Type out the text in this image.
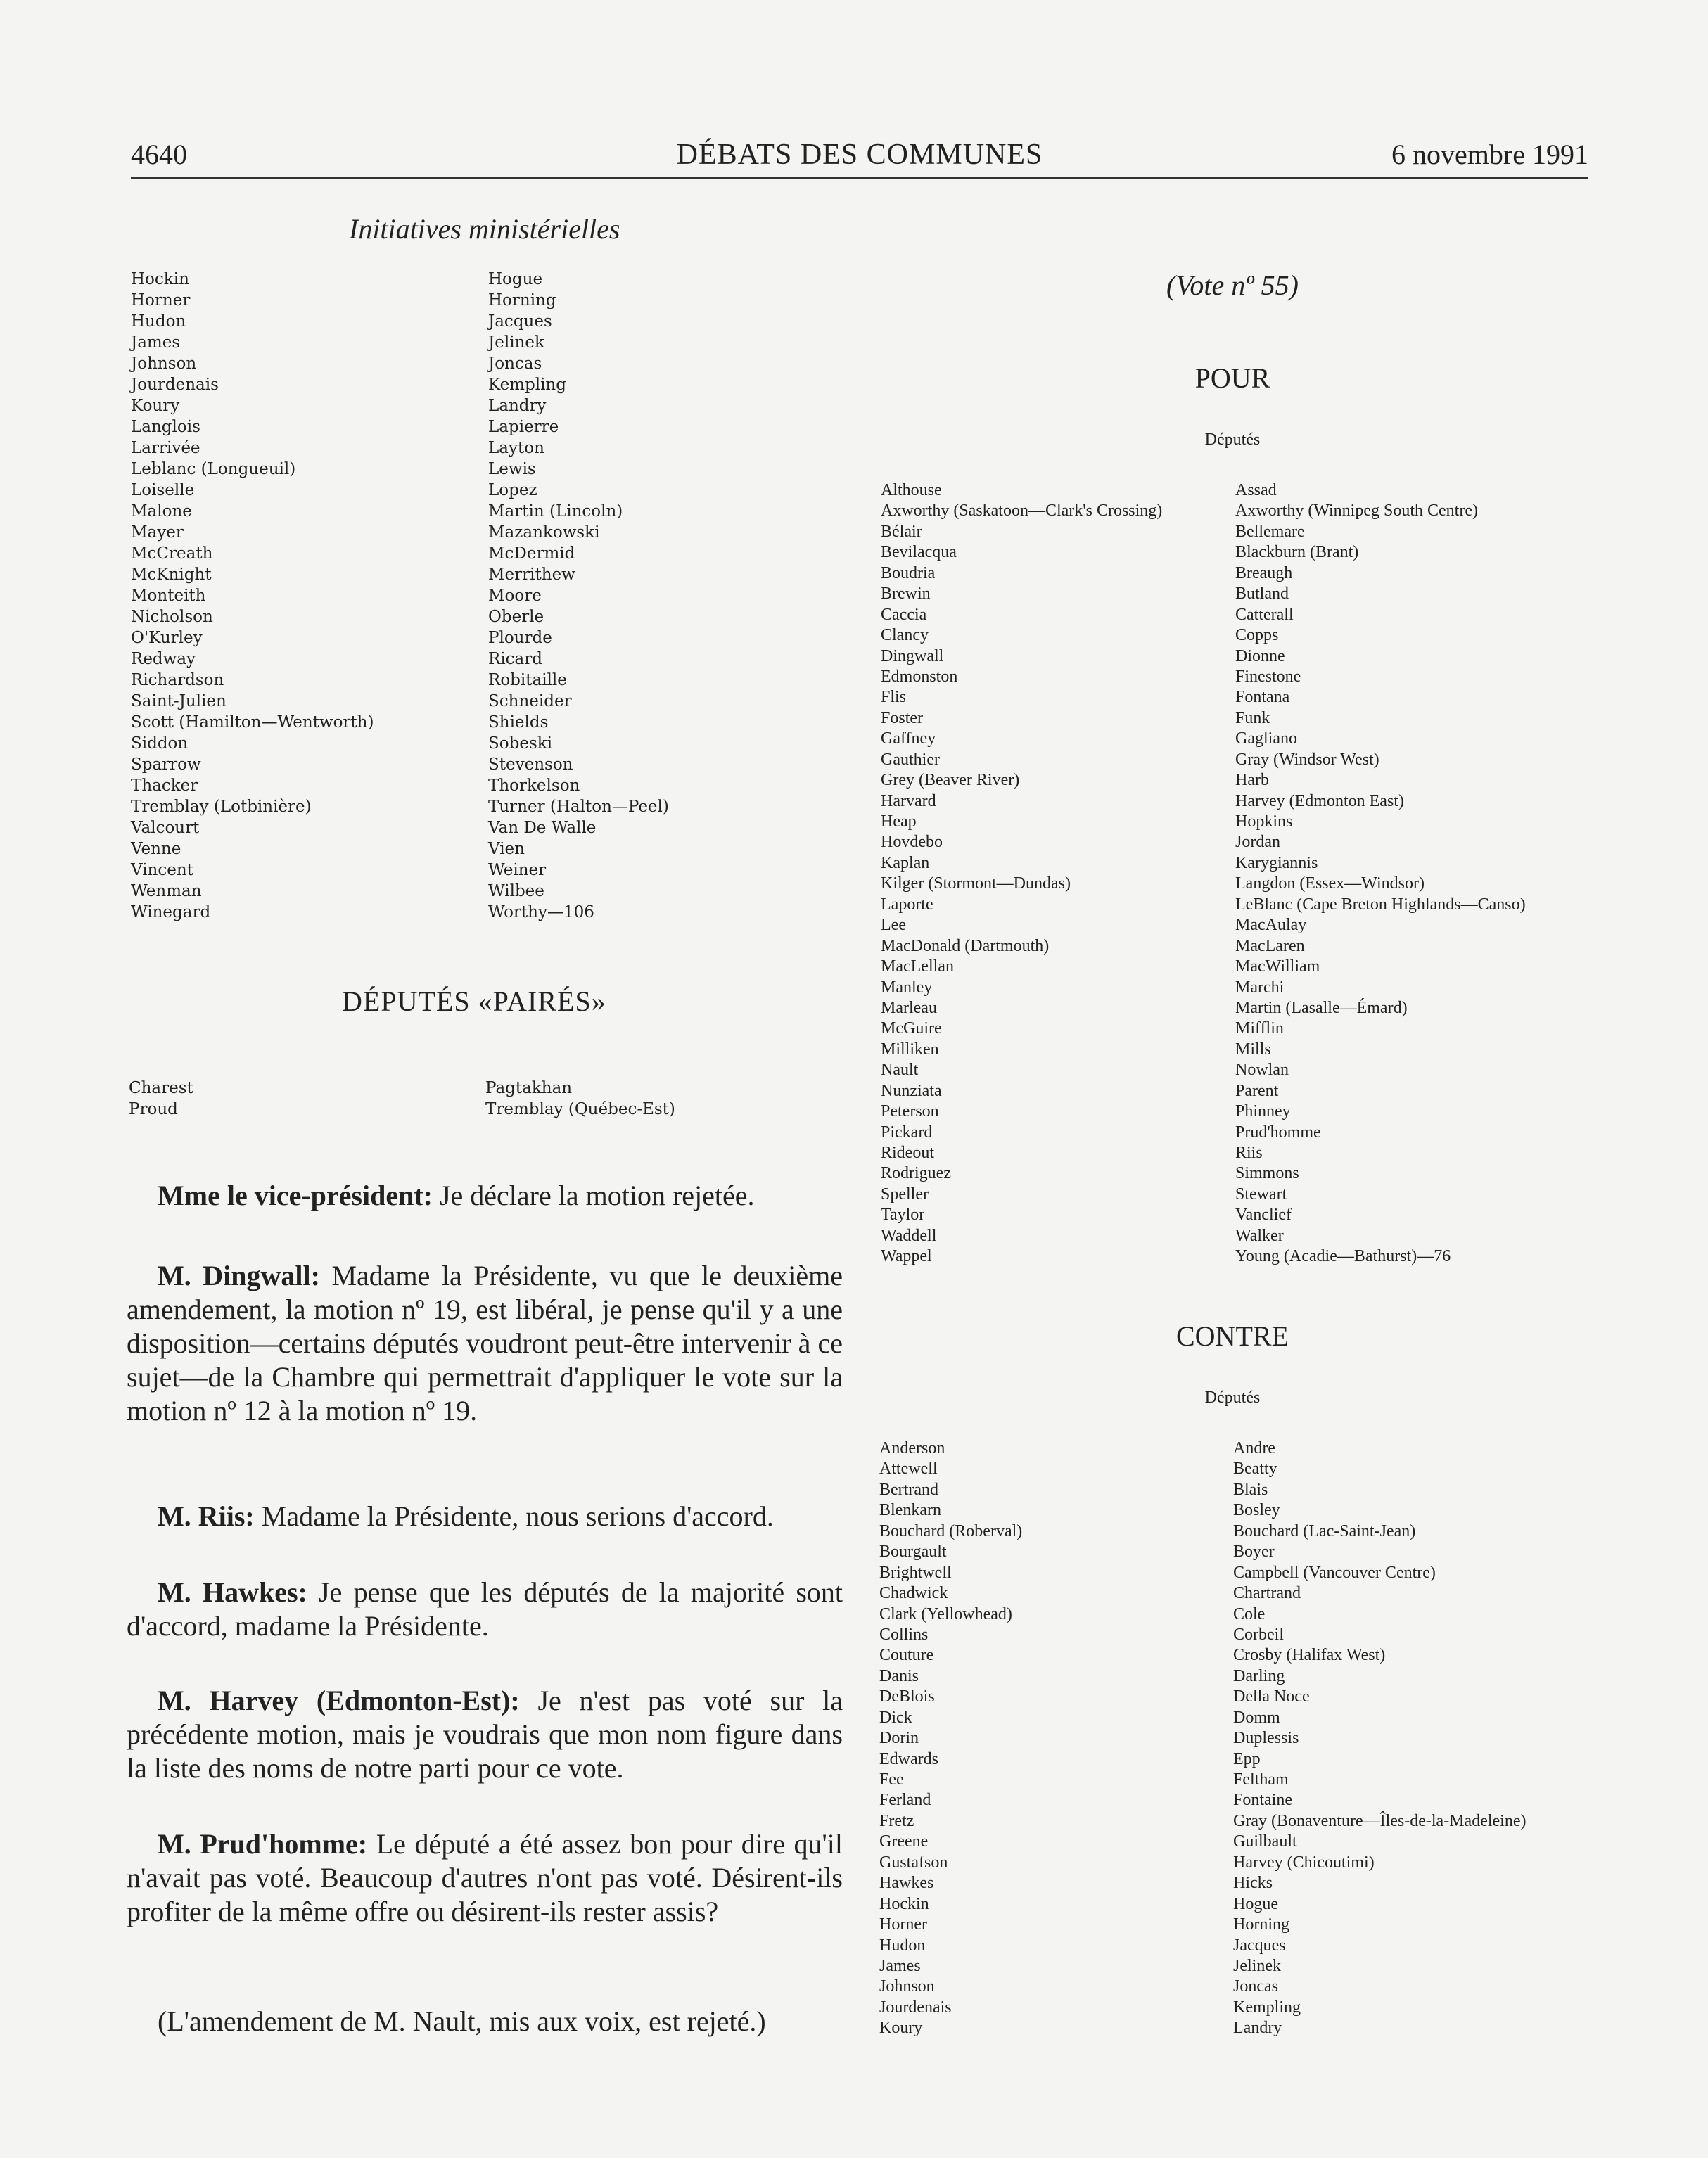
4640	DÉBATS DES COMMUNES	6 novembre 1991
Initiatives ministérielles
Hockin
Horner
Hudon
James
Johnson
Jourdenais
Koury
Langlois
Larrivée
Leblanc (Longueuil)
Loiselle
Malone
Mayer
McCreath
McKnight
Monteith
Nicholson
O'Kurley
Redway
Richardson
Saint-Julien
Scott (Hamilton—Wentworth)
Siddon
Sparrow
Thacker
Tremblay (Lotbinière)
Valcourt
Venne
Vincent
Wenman
Winegard
Hogue
Horning
Jacques
Jelinek
Joncas
Kempling
Landry
Lapierre
Layton
Lewis
Lopez
Martin (Lincoln)
Mazankowski
McDermid
Merrithew
Moore
Oberle
Plourde
Ricard
Robitaille
Schneider
Shields
Sobeski
Stevenson
Thorkelson
Turner (Halton—Peel)
Van De Walle
Vien
Weiner
Wilbee
Worthy—106
DÉPUTÉS «PAIRÉS»
Charest
Proud
Pagtakhan
Tremblay (Québec-Est)

Mme le vice-président: Je déclare la motion rejetée.

M. Dingwall: Madame la Présidente, vu que le deuxième amendement, la motion nº 19, est libéral, je pense qu'il y a une disposition—certains députés voudront peut-être intervenir à ce sujet—de la Chambre qui permettrait d'appliquer le vote sur la motion nº 12 à la motion nº 19.

M. Riis: Madame la Présidente, nous serions d'accord.

M. Hawkes: Je pense que les députés de la majorité sont d'accord, madame la Présidente.

M. Harvey (Edmonton-Est): Je n'est pas voté sur la précédente motion, mais je voudrais que mon nom figure dans la liste des noms de notre parti pour ce vote.

M. Prud'homme: Le député a été assez bon pour dire qu'il n'avait pas voté. Beaucoup d'autres n'ont pas voté. Désirent-ils profiter de la même offre ou désirent-ils rester assis?

(L'amendement de M. Nault, mis aux voix, est rejeté.)

(Vote nº 55)
POUR
Députés
Althouse
Axworthy (Saskatoon—Clark's Crossing)
Bélair
Bevilacqua
Boudria
Brewin
Caccia
Clancy
Dingwall
Edmonston
Flis
Foster
Gaffney
Gauthier
Grey (Beaver River)
Harvard
Heap
Hovdebo
Kaplan
Kilger (Stormont—Dundas)
Laporte
Lee
MacDonald (Dartmouth)
MacLellan
Manley
Marleau
McGuire
Milliken
Nault
Nunziata
Peterson
Pickard
Rideout
Rodriguez
Speller
Taylor
Waddell
Wappel
Assad
Axworthy (Winnipeg South Centre)
Bellemare
Blackburn (Brant)
Breaugh
Butland
Catterall
Copps
Dionne
Finestone
Fontana
Funk
Gagliano
Gray (Windsor West)
Harb
Harvey (Edmonton East)
Hopkins
Jordan
Karygiannis
Langdon (Essex—Windsor)
LeBlanc (Cape Breton Highlands—Canso)
MacAulay
MacLaren
MacWilliam
Marchi
Martin (Lasalle—Émard)
Mifflin
Mills
Nowlan
Parent
Phinney
Prud'homme
Riis
Simmons
Stewart
Vanclief
Walker
Young (Acadie—Bathurst)—76
CONTRE
Députés
Anderson
Attewell
Bertrand
Blenkarn
Bouchard (Roberval)
Bourgault
Brightwell
Chadwick
Clark (Yellowhead)
Collins
Couture
Danis
DeBlois
Dick
Dorin
Edwards
Fee
Ferland
Fretz
Greene
Gustafson
Hawkes
Hockin
Horner
Hudon
James
Johnson
Jourdenais
Koury
Andre
Beatty
Blais
Bosley
Bouchard (Lac-Saint-Jean)
Boyer
Campbell (Vancouver Centre)
Chartrand
Cole
Corbeil
Crosby (Halifax West)
Darling
Della Noce
Domm
Duplessis
Epp
Feltham
Fontaine
Gray (Bonaventure—Îles-de-la-Madeleine)
Guilbault
Harvey (Chicoutimi)
Hicks
Hogue
Horning
Jacques
Jelinek
Joncas
Kempling
Landry
